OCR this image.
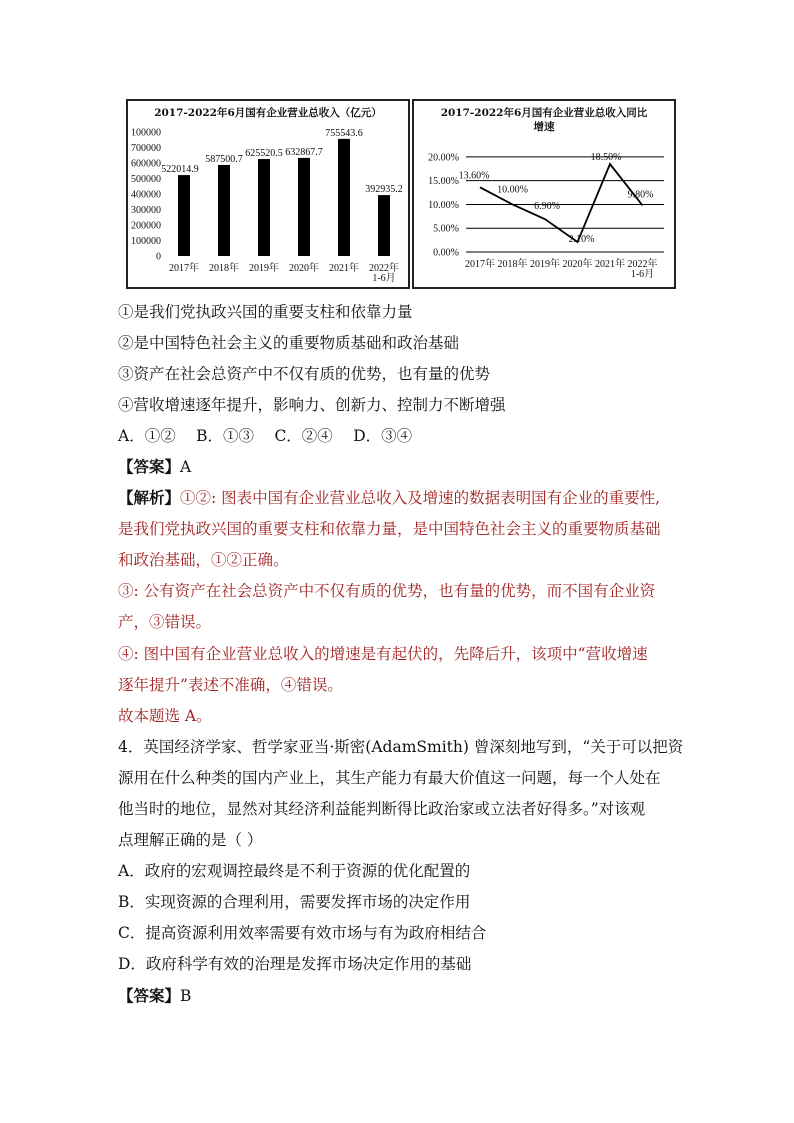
2017-2022年6月国有企业营业总收入（亿元）
0
100000
200000
300000
400000
500000
600000
700000
100000
522014.9
587500.7
625520.5 632867.7
755543.6
392935.2
2017年 2018年 2019年 2020年 2021年 2022年
1-6月
2017-2022年6月国有企业营业总收入同比
增速
0.00%
5.00%
10.00%
15.00%
20.00%
13.60%
10.00%
6.90%
2.10%
18.50%
9.80%
2017年 2018年 2019年 2020年 2021年 2022年
1-6月
①是我们党执政兴国的重要支柱和依靠力量
②是中国特色社会主义的重要物质基础和政治基础
③资产在社会总资产中不仅有质的优势，也有量的优势
④营收增速逐年提升，影响力、创新力、控制力不断增强
A．①②　 B．①③　 C．②④　 D．③④
【答案】A
【解析】①②: 图表中国有企业营业总收入及增速的数据表明国有企业的重要性,
是我们党执政兴国的重要支柱和依靠力量，是中国特色社会主义的重要物质基础
和政治基础，①②正确。
③: 公有资产在社会总资产中不仅有质的优势，也有量的优势，而不国有企业资
产，③错误。
④: 图中国有企业营业总收入的增速是有起伏的，先降后升，该项中“营收增速
逐年提升”表述不准确，④错误。
故本题选 A。
4．英国经济学家、哲学家亚当·斯密(AdamSmith) 曾深刻地写到，“关于可以把资
源用在什么种类的国内产业上，其生产能力有最大价值这一问题，每一个人处在
他当时的地位，显然对其经济利益能判断得比政治家或立法者好得多。”对该观
点理解正确的是（ ）
A．政府的宏观调控最终是不利于资源的优化配置的
B．实现资源的合理利用，需要发挥市场的决定作用
C．提高资源利用效率需要有效市场与有为政府相结合
D．政府科学有效的治理是发挥市场决定作用的基础
【答案】B
